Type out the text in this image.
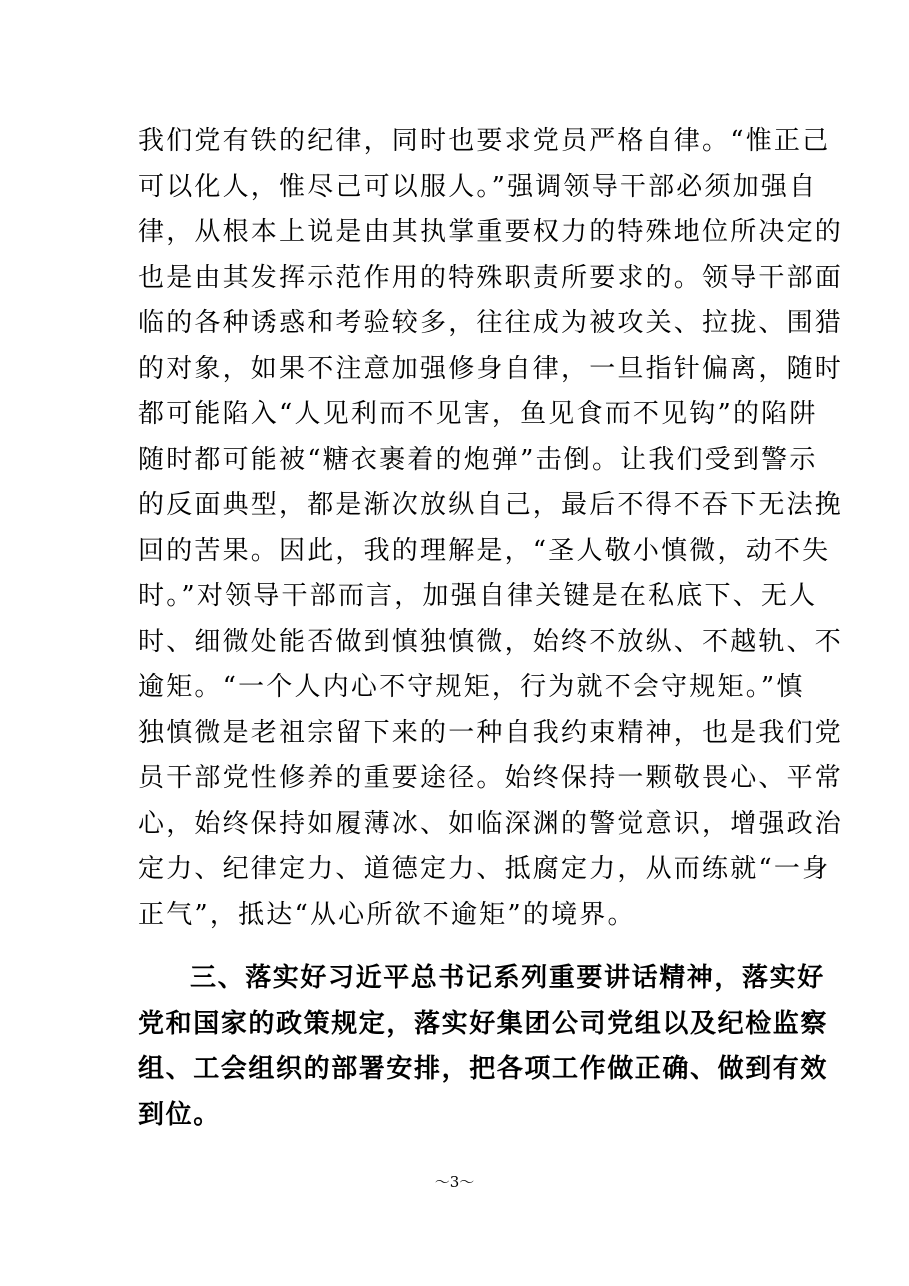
我们党有铁的纪律，同时也要求党员严格自律。“惟正己
可以化人，惟尽己可以服人。”强调领导干部必须加强自
律，从根本上说是由其执掌重要权力的特殊地位所决定的
也是由其发挥示范作用的特殊职责所要求的。领导干部面
临的各种诱惑和考验较多，往往成为被攻关、拉拢、围猎
的对象，如果不注意加强修身自律，一旦指针偏离，随时
都可能陷入“人见利而不见害，鱼见食而不见钩”的陷阱
随时都可能被“糖衣裹着的炮弹”击倒。让我们受到警示
的反面典型，都是渐次放纵自己，最后不得不吞下无法挽
回的苦果。因此，我的理解是，“圣人敬小慎微，动不失
时。”对领导干部而言，加强自律关键是在私底下、无人
时、细微处能否做到慎独慎微，始终不放纵、不越轨、不
逾矩。“一个人内心不守规矩，行为就不会守规矩。”慎
独慎微是老祖宗留下来的一种自我约束精神，也是我们党
员干部党性修养的重要途径。始终保持一颗敬畏心、平常
心，始终保持如履薄冰、如临深渊的警觉意识，增强政治
定力、纪律定力、道德定力、抵腐定力，从而练就“一身
正气”，抵达“从心所欲不逾矩”的境界。
三、落实好习近平总书记系列重要讲话精神，落实好
党和国家的政策规定，落实好集团公司党组以及纪检监察
组、工会组织的部署安排，把各项工作做正确、做到有效
到位。
～3～
